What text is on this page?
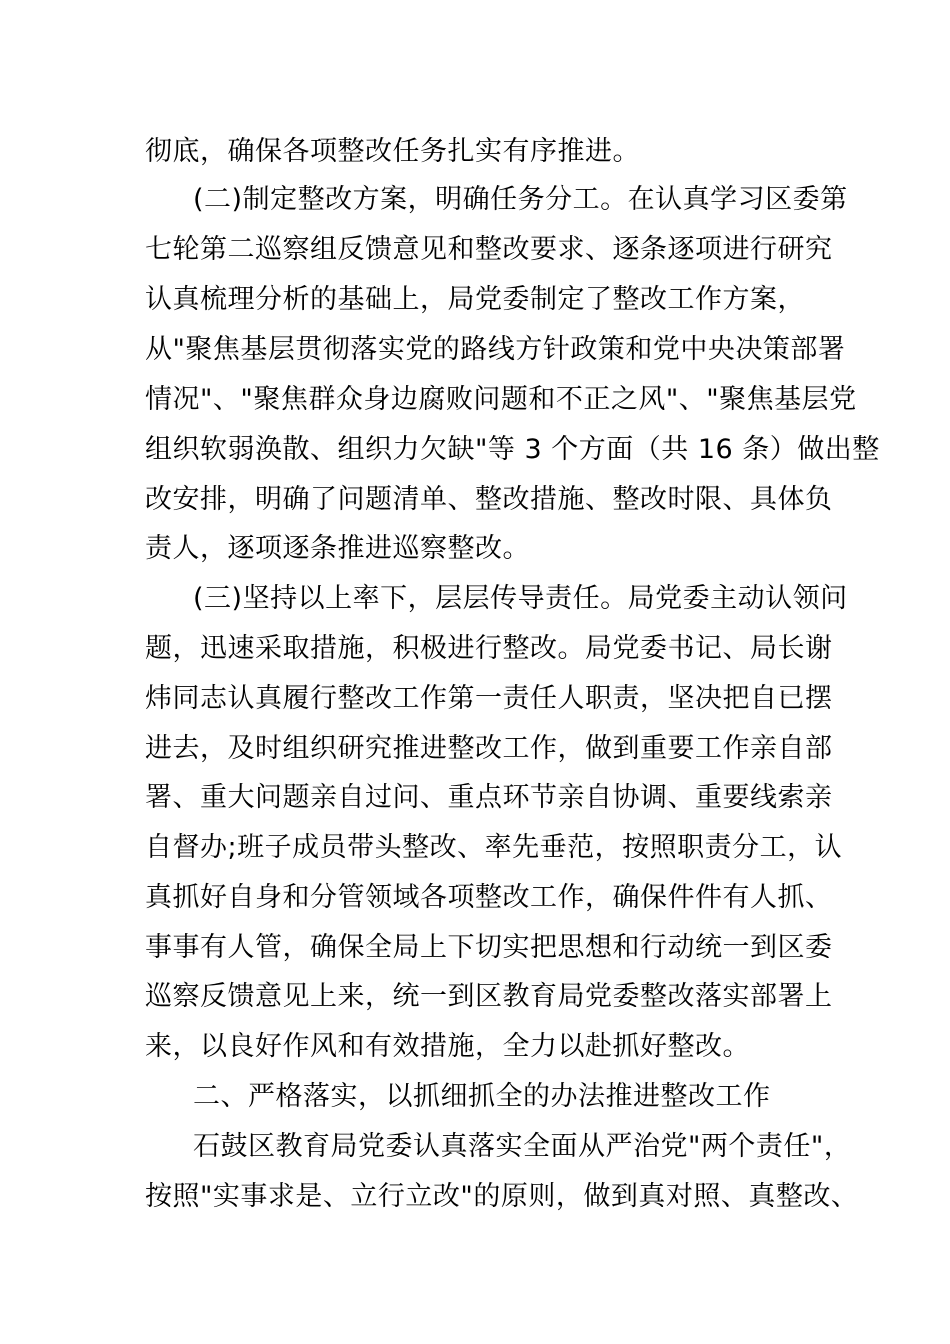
彻底，确保各项整改任务扎实有序推进。
(二)制定整改方案，明确任务分工。在认真学习区委第
七轮第二巡察组反馈意见和整改要求、逐条逐项进行研究
认真梳理分析的基础上，局党委制定了整改工作方案，
从"聚焦基层贯彻落实党的路线方针政策和党中央决策部署
情况"、"聚焦群众身边腐败问题和不正之风"、"聚焦基层党
组织软弱涣散、组织力欠缺"等 3 个方面（共 16 条）做出整
改安排，明确了问题清单、整改措施、整改时限、具体负
责人，逐项逐条推进巡察整改。
(三)坚持以上率下，层层传导责任。局党委主动认领问
题，迅速采取措施，积极进行整改。局党委书记、局长谢
炜同志认真履行整改工作第一责任人职责，坚决把自已摆
进去，及时组织研究推进整改工作，做到重要工作亲自部
署、重大问题亲自过问、重点环节亲自协调、重要线索亲
自督办;班子成员带头整改、率先垂范，按照职责分工，认
真抓好自身和分管领域各项整改工作，确保件件有人抓、
事事有人管，确保全局上下切实把思想和行动统一到区委
巡察反馈意见上来，统一到区教育局党委整改落实部署上
来，以良好作风和有效措施，全力以赴抓好整改。
二、严格落实，以抓细抓全的办法推进整改工作
石鼓区教育局党委认真落实全面从严治党"两个责任"，
按照"实事求是、立行立改"的原则，做到真对照、真整改、
